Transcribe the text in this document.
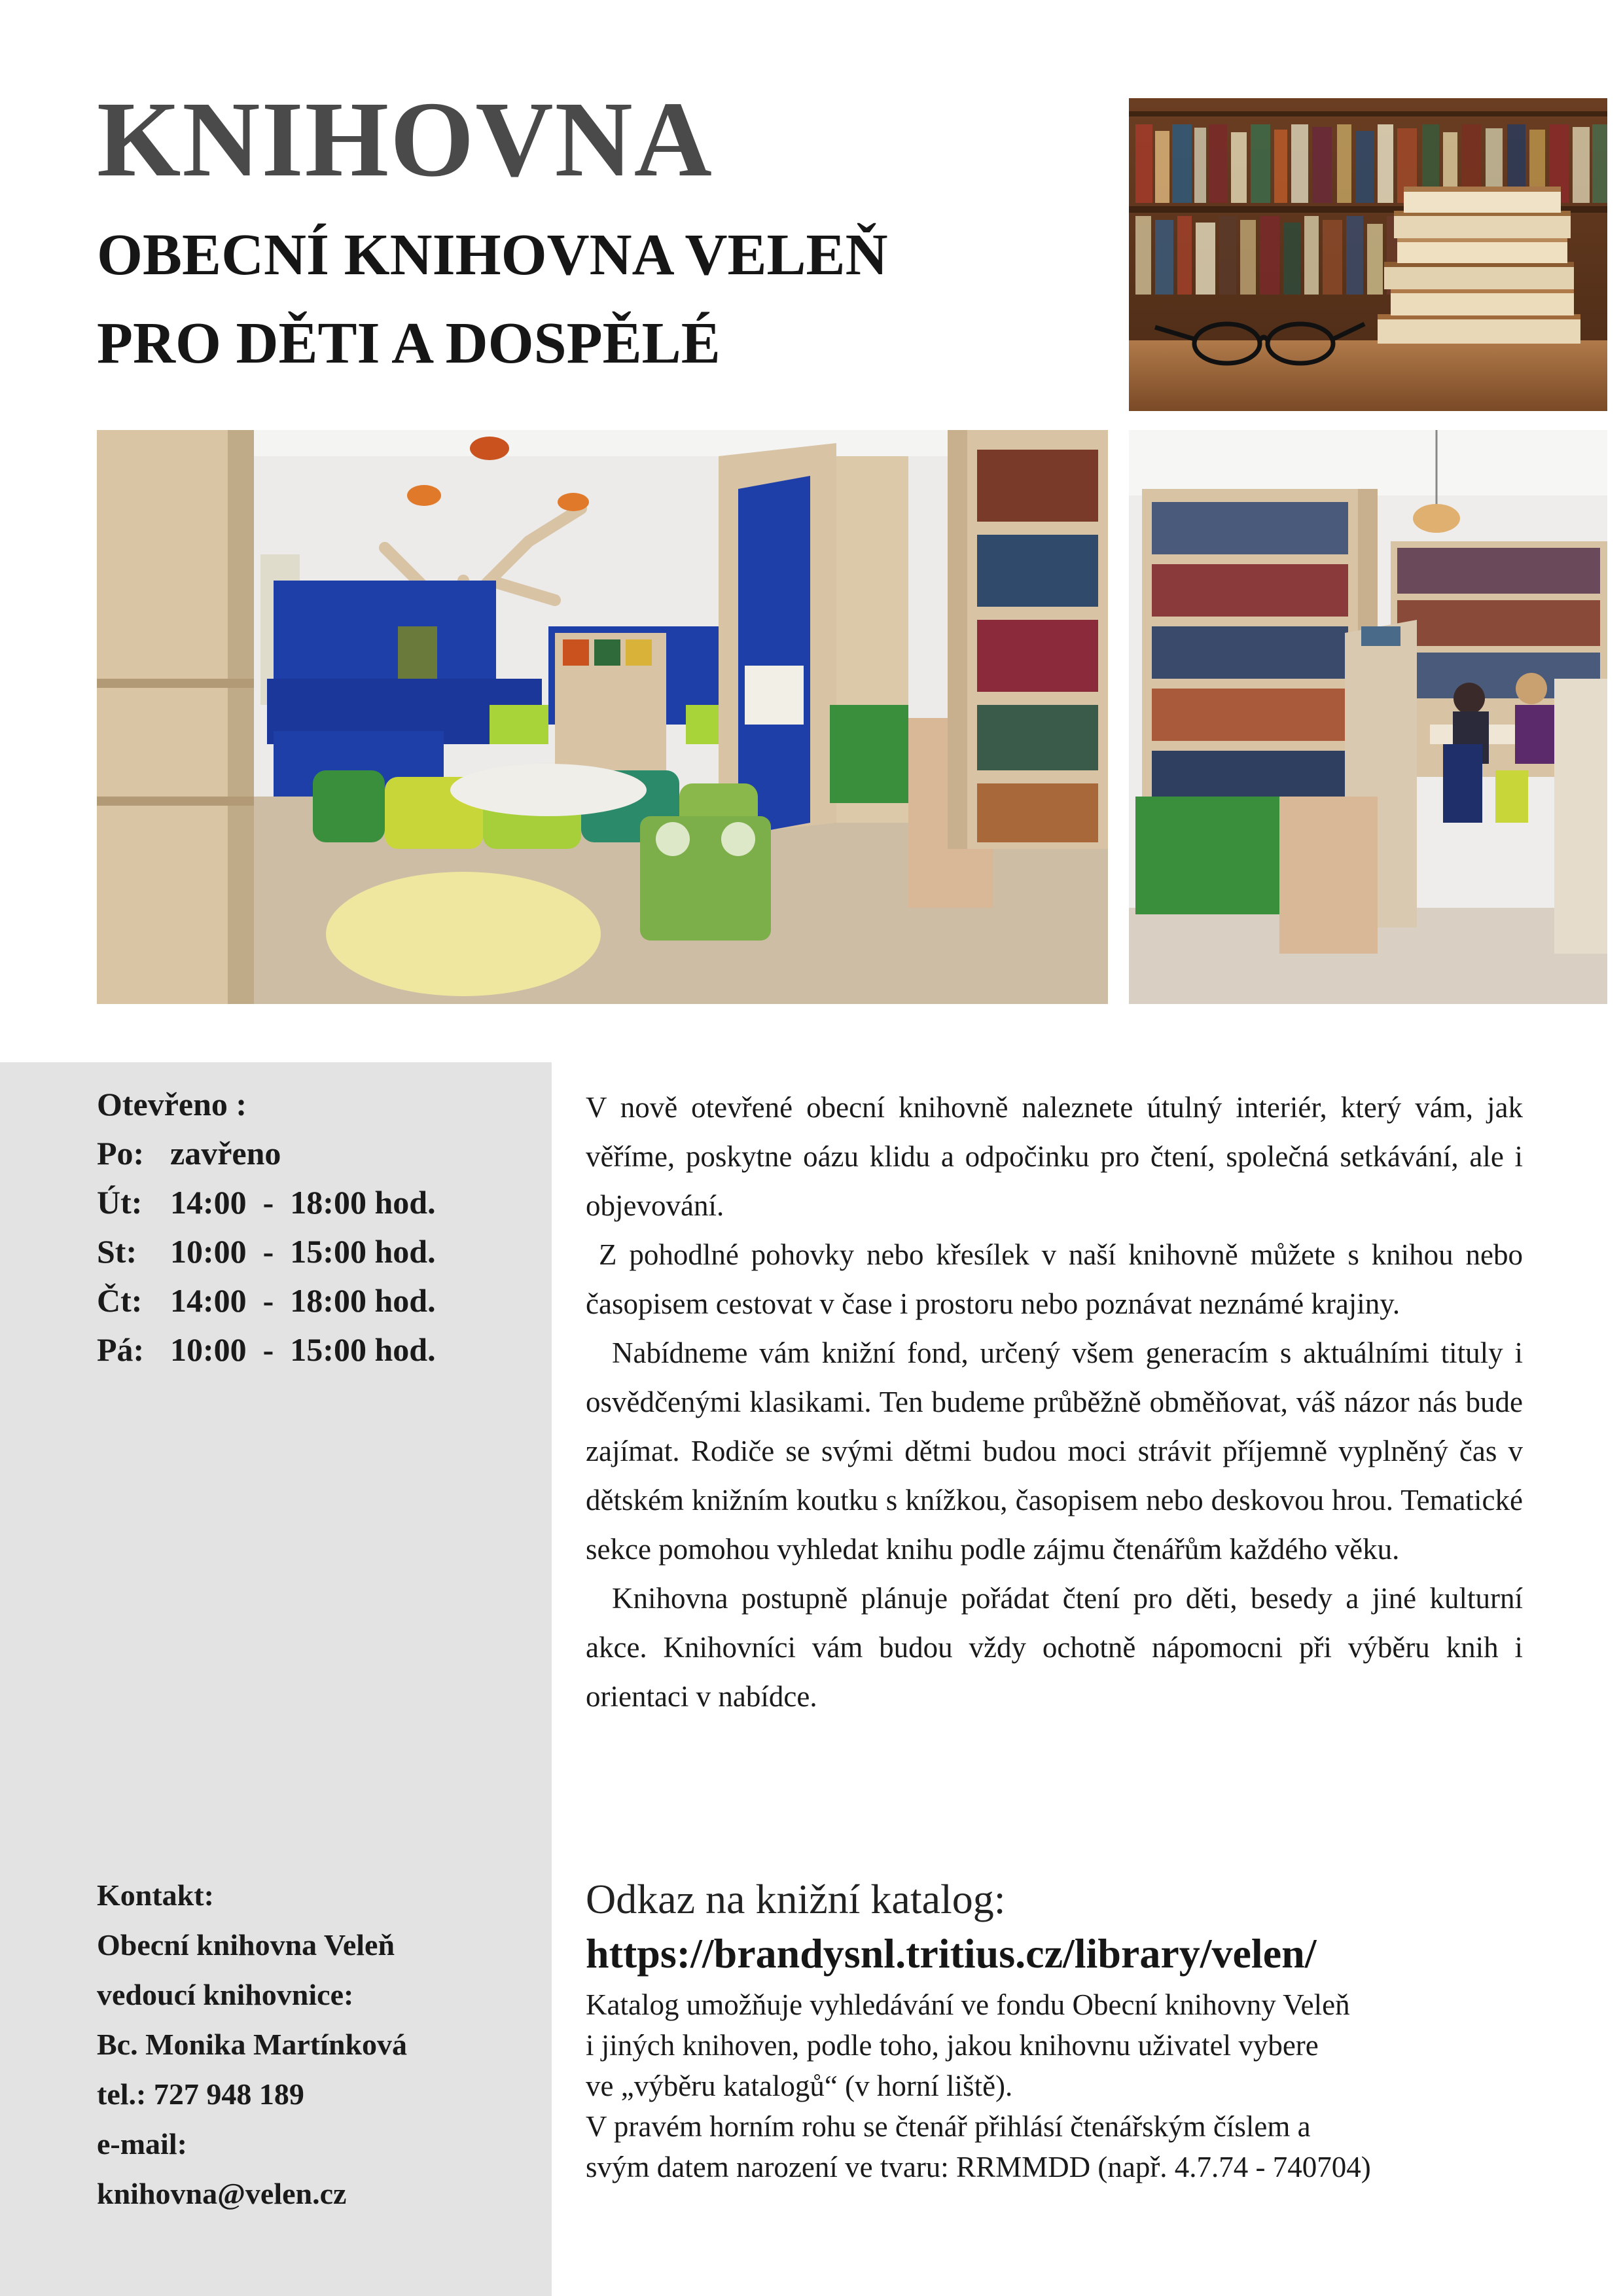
KNIHOVNA
OBECNÍ KNIHOVNA VELEŇ
PRO DĚTI A DOSPĚLÉ
Otevřeno :
Po: zavřeno
Út: 14:00  -  18:00 hod.
St: 10:00  -  15:00 hod.
Čt: 14:00  -  18:00 hod.
Pá: 10:00  -  15:00 hod.

V nově otevřené obecní knihovně naleznete útulný interiér, který vám, jak věříme, poskytne oázu klidu a odpočinku pro čtení, společná setkávání, ale i objevování.

Z pohodlné pohovky nebo křesílek v naší knihovně můžete s knihou nebo časopisem cestovat v čase i prostoru nebo poznávat neznámé krajiny.

Nabídneme vám knižní fond, určený všem generacím s aktuálními tituly i osvědčenými klasikami. Ten budeme průběžně obměňovat, váš názor nás bude zajímat. Rodiče se svými dětmi budou moci strávit příjemně vyplněný čas v dětském knižním koutku s knížkou, časopisem nebo deskovou hrou. Tematické sekce pomohou vyhledat knihu podle zájmu čtenářům každého věku.

Knihovna postupně plánuje pořádat čtení pro děti, besedy a jiné kulturní akce. Knihovníci vám budou vždy ochotně nápomocni při výběru knih i orientaci v nabídce.

Kontakt:
Obecní knihovna Veleň
vedoucí knihovnice:
Bc. Monika Martínková
tel.: 727 948 189
e-mail:
knihovna@velen.cz
Odkaz na knižní katalog:
https://brandysnl.tritius.cz/library/velen/
Katalog umožňuje vyhledávání ve fondu Obecní knihovny Veleň
i jiných knihoven, podle toho, jakou knihovnu uživatel vybere
ve „výběru katalogů“ (v horní liště).
V pravém horním rohu se čtenář přihlásí čtenářským číslem a
svým datem narození ve tvaru: RRMMDD (např. 4.7.74 - 740704)
